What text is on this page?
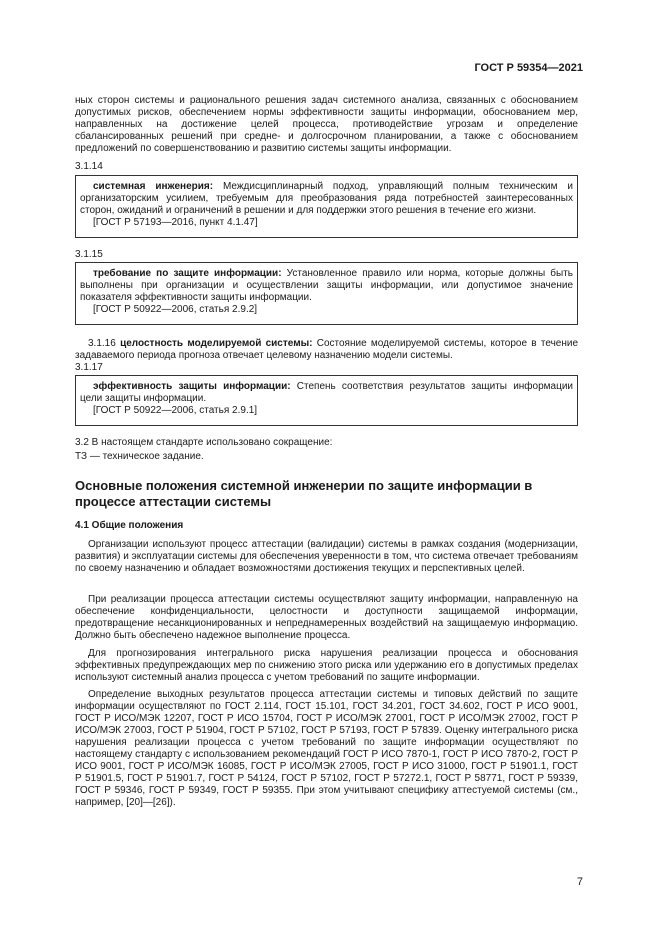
ГОСТ Р 59354—2021

ных сторон системы и рационального решения задач системного анализа, связанных с обоснованием допустимых рисков, обеспечением нормы эффективности защиты информации, обоснованием мер, направленных на достижение целей процесса, противодействие угрозам и определение сбалансированных решений при средне- и долгосрочном планировании, а также с обоснованием предложений по совершенствованию и развитию системы защиты информации.

3.1.14

системная инженерия: Междисциплинарный подход, управляющий полным техническим и организаторским усилием, требуемым для преобразования ряда потребностей заинтересованных сторон, ожиданий и ограничений в решении и для поддержки этого решения в течение его жизни.

[ГОСТ Р 57193—2016, пункт 4.1.47]
3.1.15

требование по защите информации: Установленное правило или норма, которые должны быть выполнены при организации и осуществлении защиты информации, или допустимое значение показателя эффективности защиты информации.

[ГОСТ Р 50922—2006, статья 2.9.2]

3.1.16 целостность моделируемой системы: Состояние моделируемой системы, которое в течение задаваемого периода прогноза отвечает целевому назначению модели системы.

3.1.17

эффективность защиты информации: Степень соответствия результатов защиты информации цели защиты информации.

[ГОСТ Р 50922—2006, статья 2.9.1]

3.2 В настоящем стандарте использовано сокращение:

ТЗ — техническое задание.

Основные положения системной инженерии по защите информации в процессе аттестации системы
4.1 Общие положения

Организации используют процесс аттестации (валидации) системы в рамках создания (модернизации, развития) и эксплуатации системы для обеспечения уверенности в том, что система отвечает требованиям по своему назначению и обладает возможностями достижения текущих и перспективных целей.

При реализации процесса аттестации системы осуществляют защиту информации, направленную на обеспечение конфиденциальности, целостности и доступности защищаемой информации, предотвращение несанкционированных и непреднамеренных воздействий на защищаемую информацию. Должно быть обеспечено надежное выполнение процесса.

Для прогнозирования интегрального риска нарушения реализации процесса и обоснования эффективных предупреждающих мер по снижению этого риска или удержанию его в допустимых пределах используют системный анализ процесса с учетом требований по защите информации.

Определение выходных результатов процесса аттестации системы и типовых действий по защите информации осуществляют по ГОСТ 2.114, ГОСТ 15.101, ГОСТ 34.201, ГОСТ 34.602, ГОСТ Р ИСО 9001, ГОСТ Р ИСО/МЭК 12207, ГОСТ Р ИСО 15704, ГОСТ Р ИСО/МЭК 27001, ГОСТ Р ИСО/МЭК 27002, ГОСТ Р ИСО/МЭК 27003, ГОСТ Р 51904, ГОСТ Р 57102, ГОСТ Р 57193, ГОСТ Р 57839. Оценку интегрального риска нарушения реализации процесса с учетом требований по защите информации осуществляют по настоящему стандарту с использованием рекомендаций ГОСТ Р ИСО 7870-1, ГОСТ Р ИСО 7870-2, ГОСТ Р ИСО 9001, ГОСТ Р ИСО/МЭК 16085, ГОСТ Р ИСО/МЭК 27005, ГОСТ Р ИСО 31000, ГОСТ Р 51901.1, ГОСТ Р 51901.5, ГОСТ Р 51901.7, ГОСТ Р 54124, ГОСТ Р 57102, ГОСТ Р 57272.1, ГОСТ Р 58771, ГОСТ Р 59339, ГОСТ Р 59346, ГОСТ Р 59349, ГОСТ Р 59355. При этом учитывают специфику аттестуемой системы (см., например, [20]—[26]).

7
